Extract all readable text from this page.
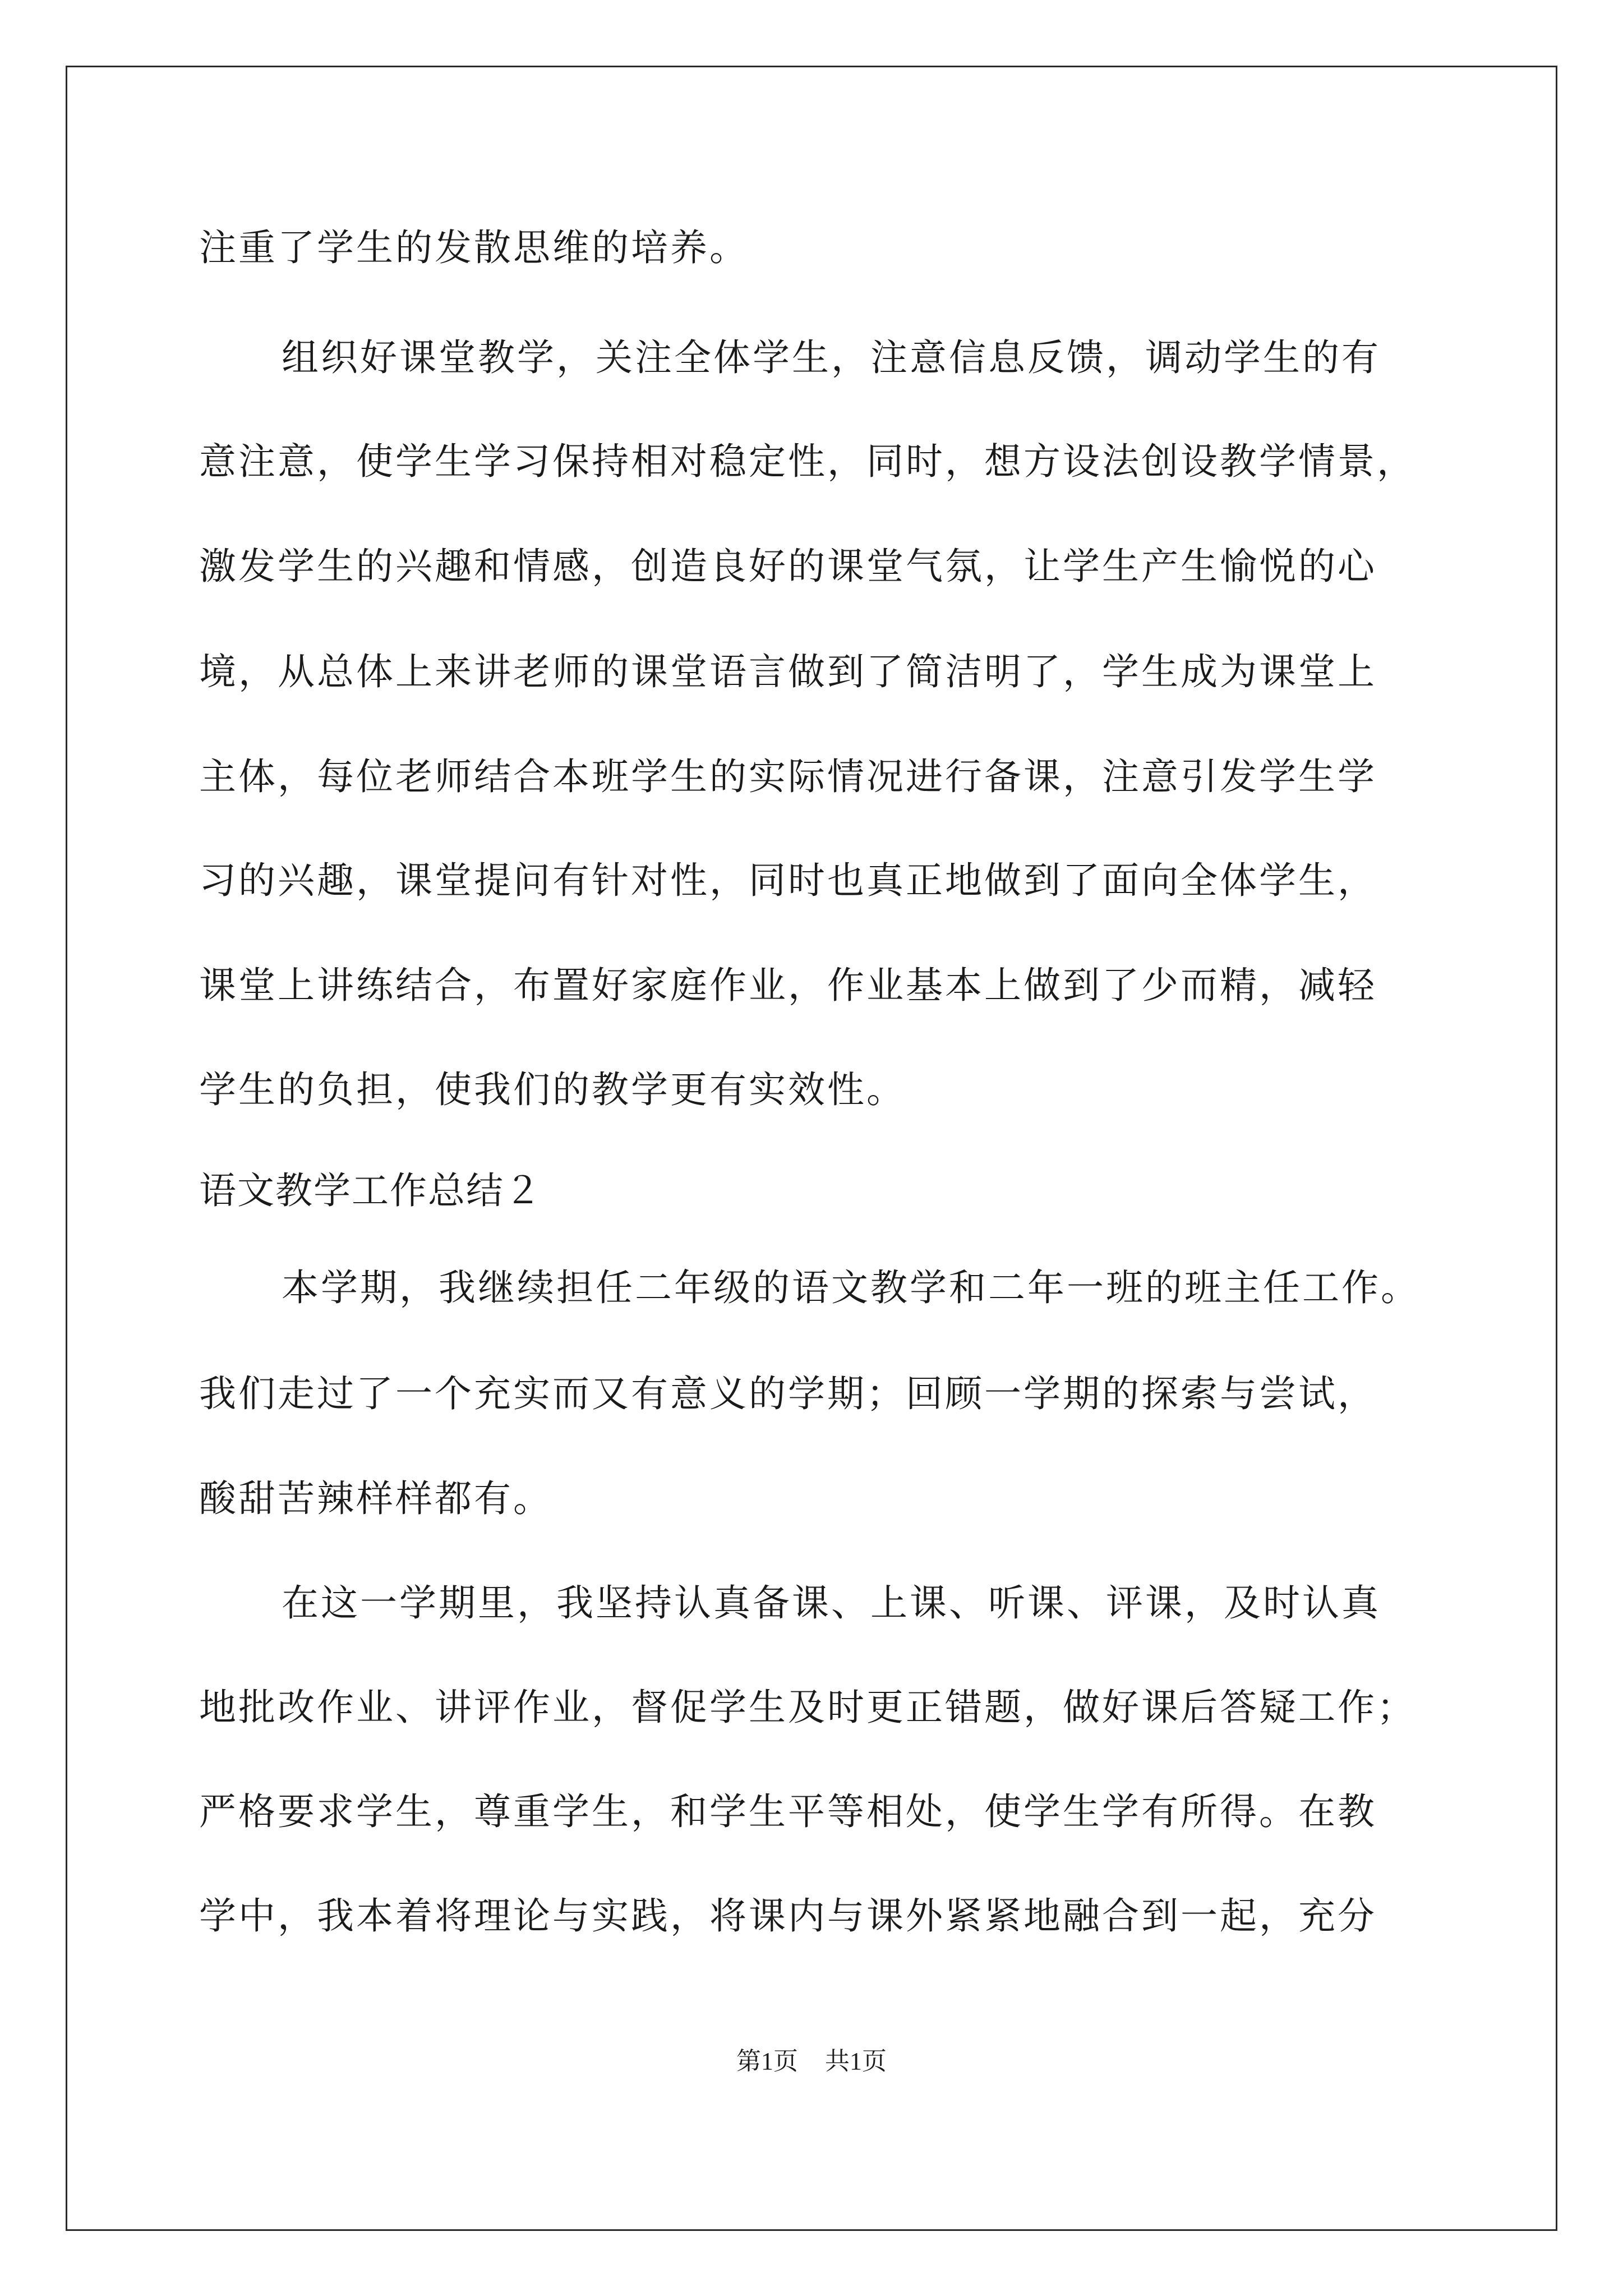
注重了学生的发散思维的培养。
组织好课堂教学，关注全体学生，注意信息反馈，调动学生的有
意注意，使学生学习保持相对稳定性，同时，想方设法创设教学情景，
激发学生的兴趣和情感，创造良好的课堂气氛，让学生产生愉悦的心
境，从总体上来讲老师的课堂语言做到了简洁明了，学生成为课堂上
主体，每位老师结合本班学生的实际情况进行备课，注意引发学生学
习的兴趣，课堂提问有针对性，同时也真正地做到了面向全体学生，
课堂上讲练结合，布置好家庭作业，作业基本上做到了少而精，减轻
学生的负担，使我们的教学更有实效性。
语文教学工作总结２
本学期，我继续担任二年级的语文教学和二年一班的班主任工作。
我们走过了一个充实而又有意义的学期；回顾一学期的探索与尝试，
酸甜苦辣样样都有。
在这一学期里，我坚持认真备课、上课、听课、评课，及时认真
地批改作业、讲评作业，督促学生及时更正错题，做好课后答疑工作；
严格要求学生，尊重学生，和学生平等相处，使学生学有所得。在教
学中，我本着将理论与实践，将课内与课外紧紧地融合到一起，充分
第1页 共1页
